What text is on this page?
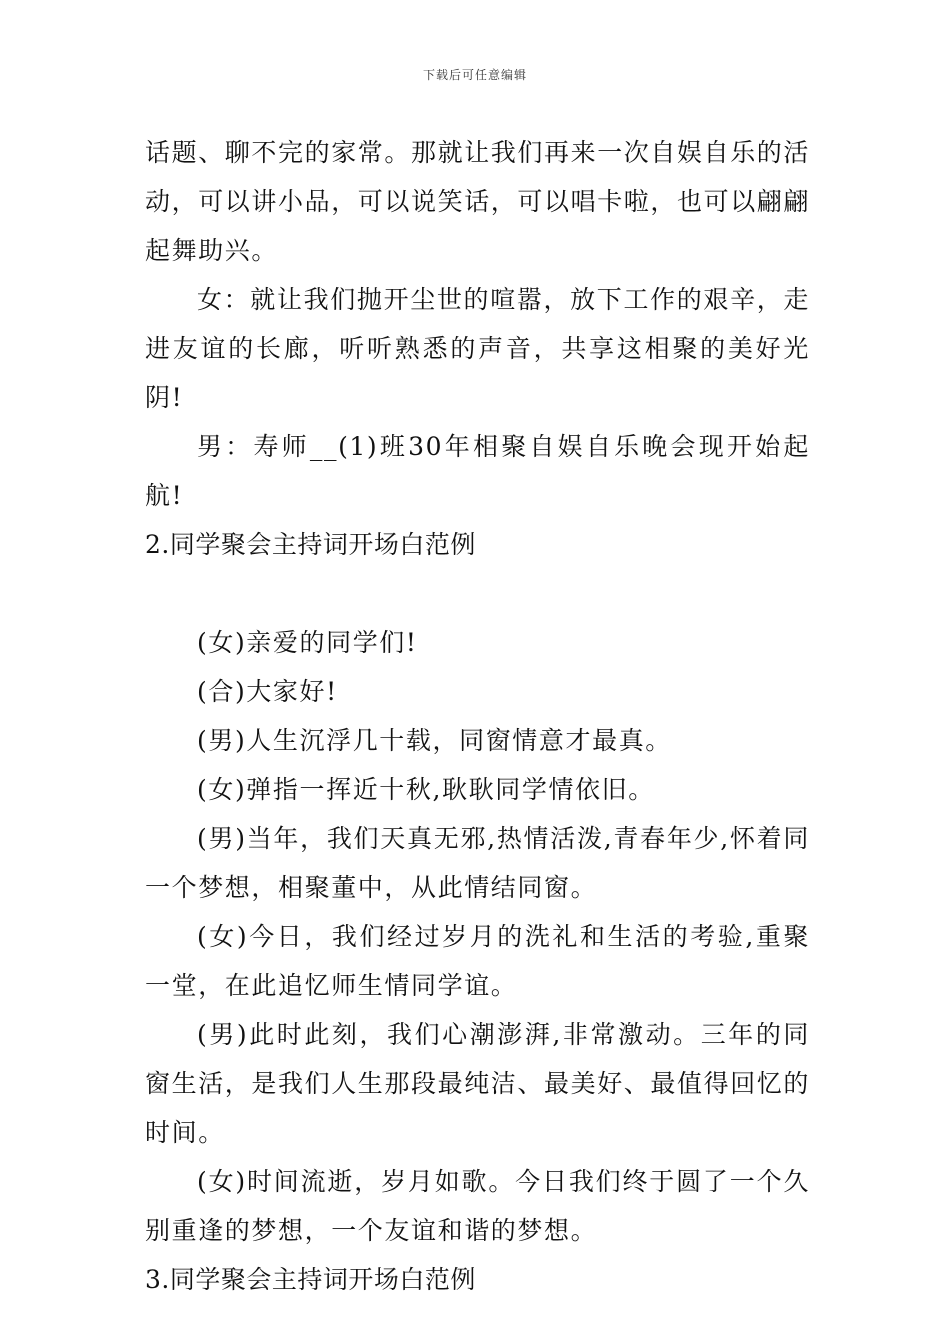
下载后可任意编辑

话题、聊不完的家常。那就让我们再来一次自娱自乐的活动，可以讲小品，可以说笑话，可以唱卡啦，也可以翩翩起舞助兴。

女：就让我们抛开尘世的喧嚣，放下工作的艰辛，走进友谊的长廊，听听熟悉的声音，共享这相聚的美好光阴!

男：寿师__(1)班30年相聚自娱自乐晚会现开始起航!

2.同学聚会主持词开场白范例

(女)亲爱的同学们!

(合)大家好!

(男)人生沉浮几十载，同窗情意才最真。

(女)弹指一挥近十秋,耿耿同学情依旧。

(男)当年，我们天真无邪,热情活泼,青春年少,怀着同一个梦想，相聚董中，从此情结同窗。

(女)今日，我们经过岁月的洗礼和生活的考验,重聚一堂，在此追忆师生情同学谊。

(男)此时此刻，我们心潮澎湃,非常激动。三年的同窗生活，是我们人生那段最纯洁、最美好、最值得回忆的时间。

(女)时间流逝，岁月如歌。今日我们终于圆了一个久别重逢的梦想，一个友谊和谐的梦想。

3.同学聚会主持词开场白范例
